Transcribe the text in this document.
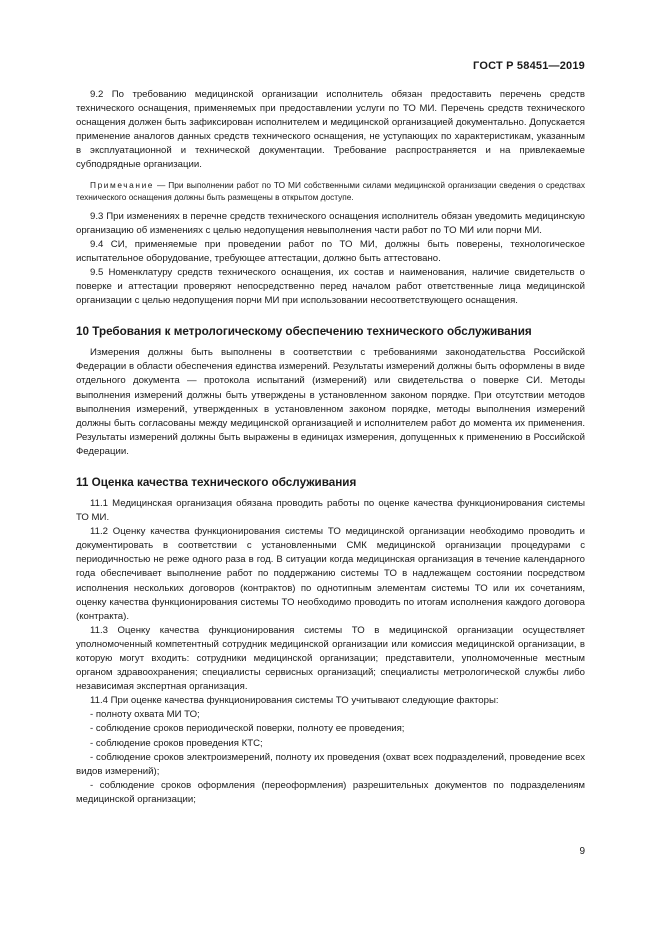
ГОСТ Р 58451—2019

9.2 По требованию медицинской организации исполнитель обязан предоставить перечень средств технического оснащения, применяемых при предоставлении услуги по ТО МИ. Перечень средств технического оснащения должен быть зафиксирован исполнителем и медицинской организацией документально. Допускается применение аналогов данных средств технического оснащения, не уступающих по характеристикам, указанным в эксплуатационной и технической документации. Требование распространяется и на привлекаемые субподрядные организации.

Примечание — При выполнении работ по ТО МИ собственными силами медицинской организации сведения о средствах технического оснащения должны быть размещены в открытом доступе.

9.3 При изменениях в перечне средств технического оснащения исполнитель обязан уведомить медицинскую организацию об изменениях с целью недопущения невыполнения части работ по ТО МИ или порчи МИ.

9.4 СИ, применяемые при проведении работ по ТО МИ, должны быть поверены, технологическое испытательное оборудование, требующее аттестации, должно быть аттестовано.

9.5 Номенклатуру средств технического оснащения, их состав и наименования, наличие свидетельств о поверке и аттестации проверяют непосредственно перед началом работ ответственные лица медицинской организации с целью недопущения порчи МИ при использовании несоответствующего оснащения.

10 Требования к метрологическому обеспечению технического обслуживания

Измерения должны быть выполнены в соответствии с требованиями законодательства Российской Федерации в области обеспечения единства измерений. Результаты измерений должны быть оформлены в виде отдельного документа — протокола испытаний (измерений) или свидетельства о поверке СИ. Методы выполнения измерений должны быть утверждены в установленном законом порядке. При отсутствии методов выполнения измерений, утвержденных в установленном законом порядке, методы выполнения измерений должны быть согласованы между медицинской организацией и исполнителем работ до момента их применения. Результаты измерений должны быть выражены в единицах измерения, допущенных к применению в Российской Федерации.

11 Оценка качества технического обслуживания

11.1 Медицинская организация обязана проводить работы по оценке качества функционирования системы ТО МИ.

11.2 Оценку качества функционирования системы ТО медицинской организации необходимо проводить и документировать в соответствии с установленными СМК медицинской организации процедурами с периодичностью не реже одного раза в год. В ситуации когда медицинская организация в течение календарного года обеспечивает выполнение работ по поддержанию системы ТО в надлежащем состоянии посредством исполнения нескольких договоров (контрактов) по однотипным элементам системы ТО или их сочетаниям, оценку качества функционирования системы ТО необходимо проводить по итогам исполнения каждого договора (контракта).

11.3 Оценку качества функционирования системы ТО в медицинской организации осуществляет уполномоченный компетентный сотрудник медицинской организации или комиссия медицинской организации, в которую могут входить: сотрудники медицинской организации; представители, уполномоченные местным органом здравоохранения; специалисты сервисных организаций; специалисты метрологической службы либо независимая экспертная организация.

11.4 При оценке качества функционирования системы ТО учитывают следующие факторы:

- полноту охвата МИ ТО;

- соблюдение сроков периодической поверки, полноту ее проведения;

- соблюдение сроков проведения КТС;

- соблюдение сроков электроизмерений, полноту их проведения (охват всех подразделений, проведение всех видов измерений);

- соблюдение сроков оформления (переоформления) разрешительных документов по подразделениям медицинской организации;

9
